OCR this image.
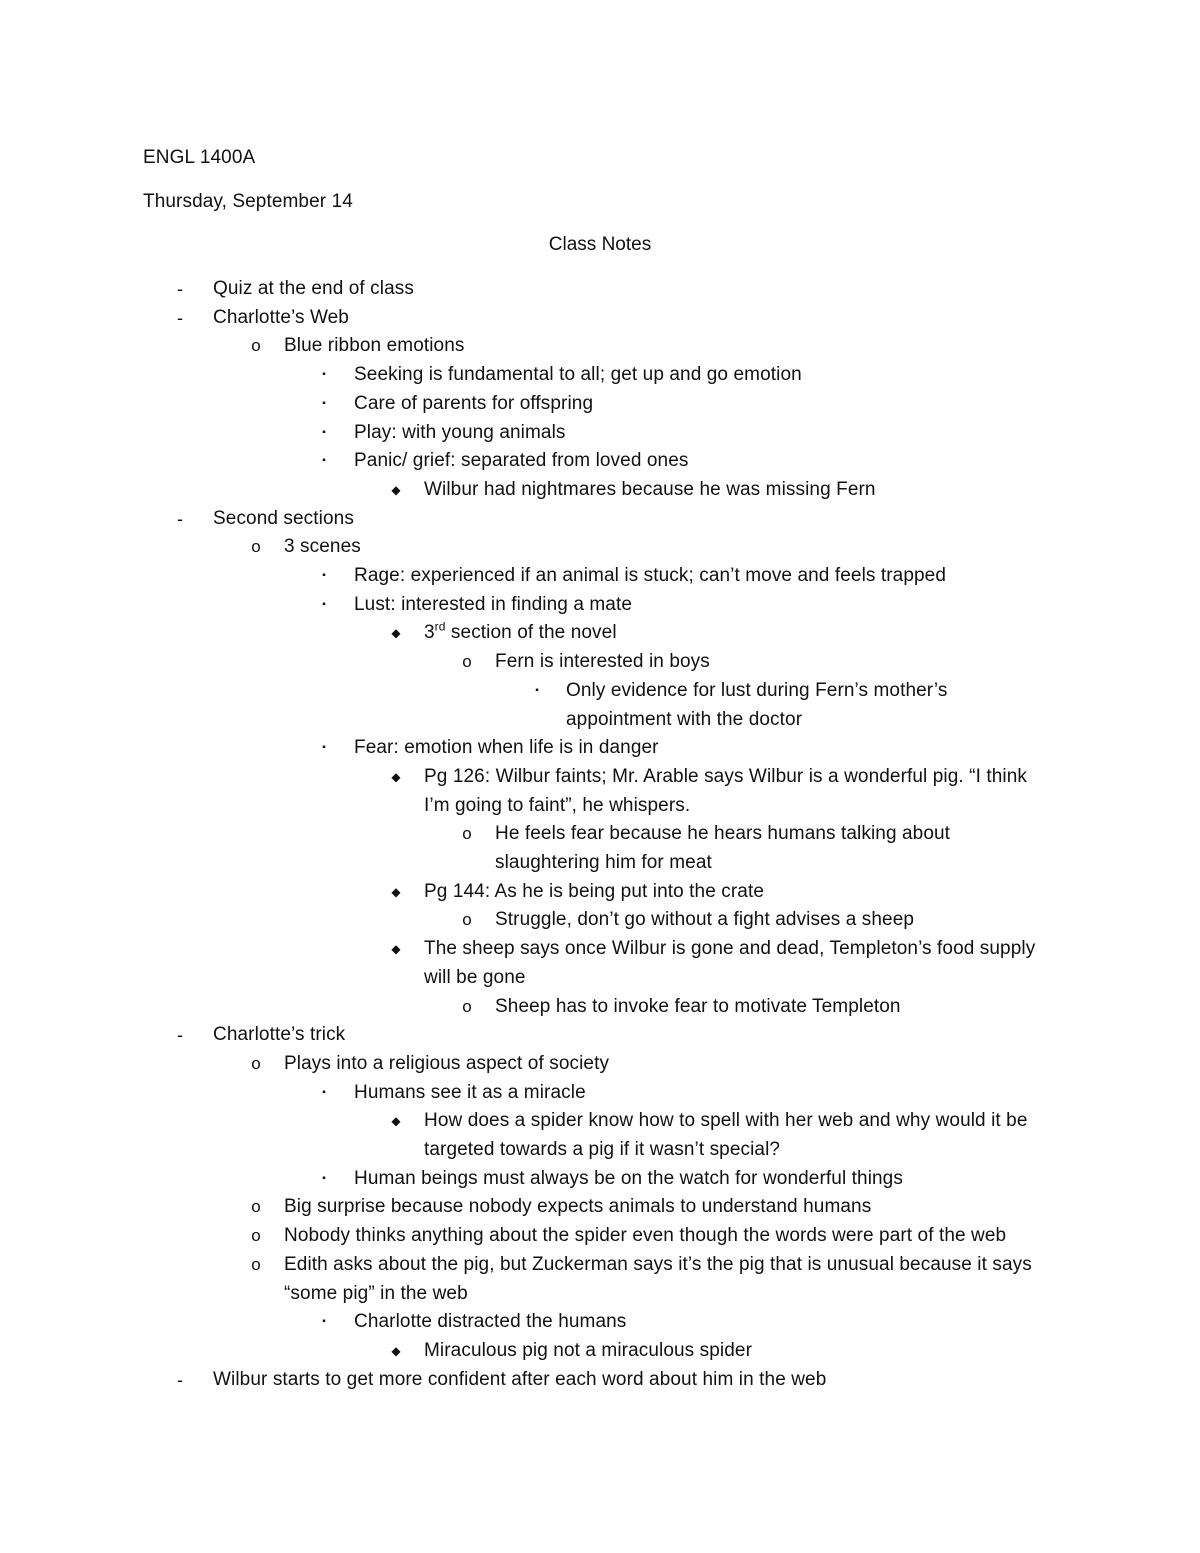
ENGL 1400A
Thursday, September 14
Class Notes
-	Quiz at the end of class
-	Charlotte’s Web
o Blue ribbon emotions
▪	Seeking is fundamental to all; get up and go emotion
▪	Care of parents for offspring
▪	Play: with young animals
▪	Panic/ grief: separated from loved ones
◆ Wilbur had nightmares because he was missing Fern
-	Second sections
o 3 scenes
▪	Rage: experienced if an animal is stuck; can’t move and feels trapped
▪	Lust: interested in finding a mate
◆ 3rd section of the novel
o Fern is interested in boys
▪	Only evidence for lust during Fern’s mother’s
appointment with the doctor
▪	Fear: emotion when life is in danger
◆ Pg 126: Wilbur faints; Mr. Arable says Wilbur is a wonderful pig. “I think
I’m going to faint”, he whispers.
o He feels fear because he hears humans talking about
slaughtering him for meat
◆ Pg 144: As he is being put into the crate
o Struggle, don’t go without a fight advises a sheep
◆ The sheep says once Wilbur is gone and dead, Templeton’s food supply
will be gone
o Sheep has to invoke fear to motivate Templeton
-	Charlotte’s trick
o Plays into a religious aspect of society
▪	Humans see it as a miracle
◆ How does a spider know how to spell with her web and why would it be
targeted towards a pig if it wasn’t special?
▪	Human beings must always be on the watch for wonderful things
o Big surprise because nobody expects animals to understand humans
o Nobody thinks anything about the spider even though the words were part of the web
o Edith asks about the pig, but Zuckerman says it’s the pig that is unusual because it says
“some pig” in the web
▪	Charlotte distracted the humans
◆ Miraculous pig not a miraculous spider
-	Wilbur starts to get more confident after each word about him in the web
